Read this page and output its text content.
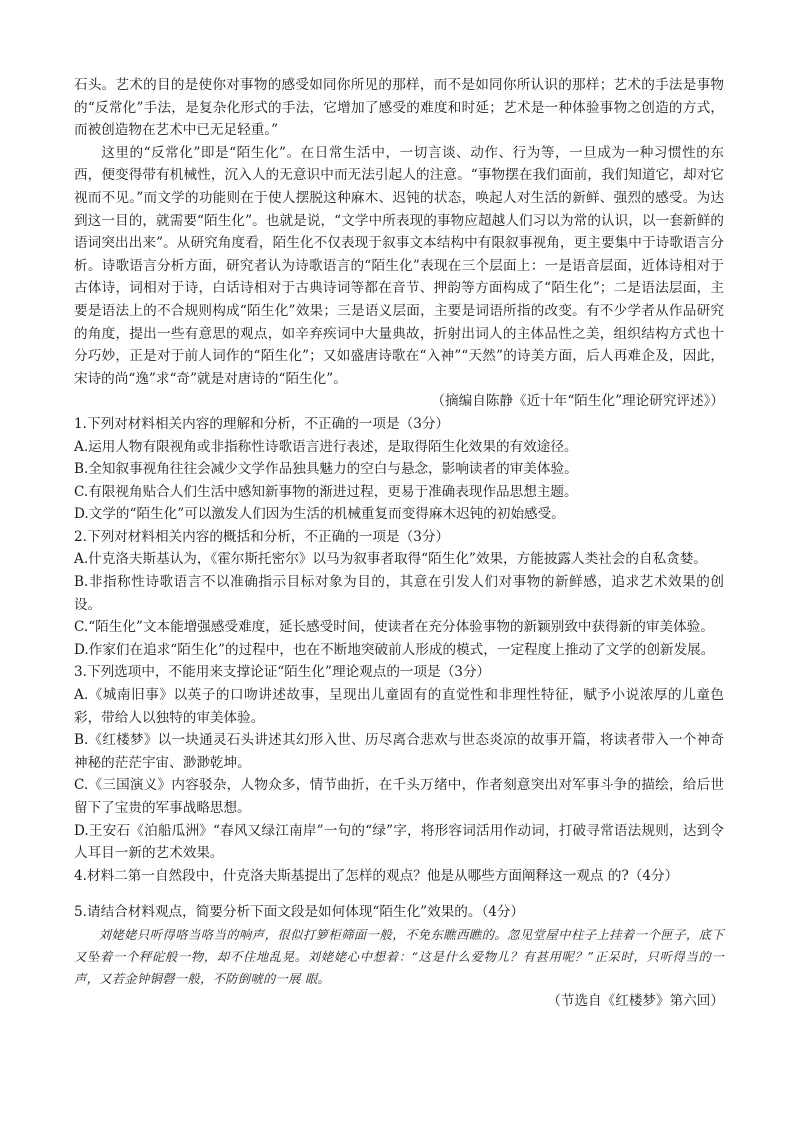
石头。艺术的目的是使你对事物的感受如同你所见的那样，而不是如同你所认识的那样；艺术的手法是事物的“反常化”手法，是复杂化形式的手法，它增加了感受的难度和时延；艺术是一种体验事物之创造的方式，而被创造物在艺术中已无足轻重。”

这里的“反常化”即是“陌生化”。在日常生活中，一切言谈、动作、行为等，一旦成为一种习惯性的东西，便变得带有机械性，沉入人的无意识中而无法引起人的注意。“事物摆在我们面前，我们知道它，却对它视而不见。”而文学的功能则在于使人摆脱这种麻木、迟钝的状态，唤起人对生活的新鲜、强烈的感受。为达到这一目的，就需要“陌生化”。也就是说，“文学中所表现的事物应超越人们习以为常的认识，以一套新鲜的语词突出出来”。从研究角度看，陌生化不仅表现于叙事文本结构中有限叙事视角，更主要集中于诗歌语言分析。诗歌语言分析方面，研究者认为诗歌语言的“陌生化”表现在三个层面上：一是语音层面，近体诗相对于古体诗，词相对于诗，白话诗相对于古典诗词等都在音节、押韵等方面构成了“陌生化”；二是语法层面，主要是语法上的不合规则构成“陌生化”效果；三是语义层面，主要是词语所指的改变。有不少学者从作品研究的角度，提出一些有意思的观点，如辛弃疾词中大量典故，折射出词人的主体品性之美，组织结构方式也十分巧妙，正是对于前人词作的“陌生化”；又如盛唐诗歌在“入神”“天然”的诗美方面，后人再难企及，因此，宋诗的尚“逸”求“奇”就是对唐诗的“陌生化”。

（摘编自陈静《近十年“陌生化”理论研究评述》）

1.下列对材料相关内容的理解和分析，不正确的一项是（3分）

A.运用人物有限视角或非指称性诗歌语言进行表述，是取得陌生化效果的有效途径。

B.全知叙事视角往往会减少文学作品独具魅力的空白与悬念，影响读者的审美体验。

C.有限视角贴合人们生活中感知新事物的渐进过程，更易于准确表现作品思想主题。

D.文学的“陌生化”可以激发人们因为生活的机械重复而变得麻木迟钝的初始感受。

2.下列对材料相关内容的概括和分析，不正确的一项是（3分）

A.什克洛夫斯基认为，《霍尔斯托密尔》以马为叙事者取得“陌生化”效果，方能披露人类社会的自私贪婪。

B.非指称性诗歌语言不以准确指示目标对象为目的，其意在引发人们对事物的新鲜感，追求艺术效果的创设。

C.“陌生化”文本能增强感受难度，延长感受时间，使读者在充分体验事物的新颖别致中获得新的审美体验。

D.作家们在追求“陌生化”的过程中，也在不断地突破前人形成的模式，一定程度上推动了文学的创新发展。

3.下列选项中，不能用来支撑论证“陌生化”理论观点的一项是（3分）

A.《城南旧事》以英子的口吻讲述故事，呈现出儿童固有的直觉性和非理性特征，赋予小说浓厚的儿童色彩，带给人以独特的审美体验。

B.《红楼梦》以一块通灵石头讲述其幻形入世、历尽离合悲欢与世态炎凉的故事开篇，将读者带入一个神奇神秘的茫茫宇宙、渺渺乾坤。

C.《三国演义》内容驳杂，人物众多，情节曲折，在千头万绪中，作者刻意突出对军事斗争的描绘，给后世留下了宝贵的军事战略思想。

D.王安石《泊船瓜洲》“春风又绿江南岸”一句的“绿”字，将形容词活用作动词，打破寻常语法规则，达到令人耳目一新的艺术效果。

4.材料二第一自然段中，什克洛夫斯基提出了怎样的观点？他是从哪些方面阐释这一观点 的?（4分）

5.请结合材料观点，简要分析下面文段是如何体现“陌生化”效果的。（4分）

刘姥姥只听得咯当咯当的响声，很似打箩柜筛面一般，不免东瞧西瞧的。忽见堂屋中柱子上挂着一个匣子，底下又坠着一个秤砣般一物，却不住地乱晃。刘姥姥心中想着：“这是什么爱物儿？有甚用呢？”正呆时，只听得当的一声，又若金钟铜磬一般，不防倒唬的一展 眼。

（节选自《红楼梦》第六回）
